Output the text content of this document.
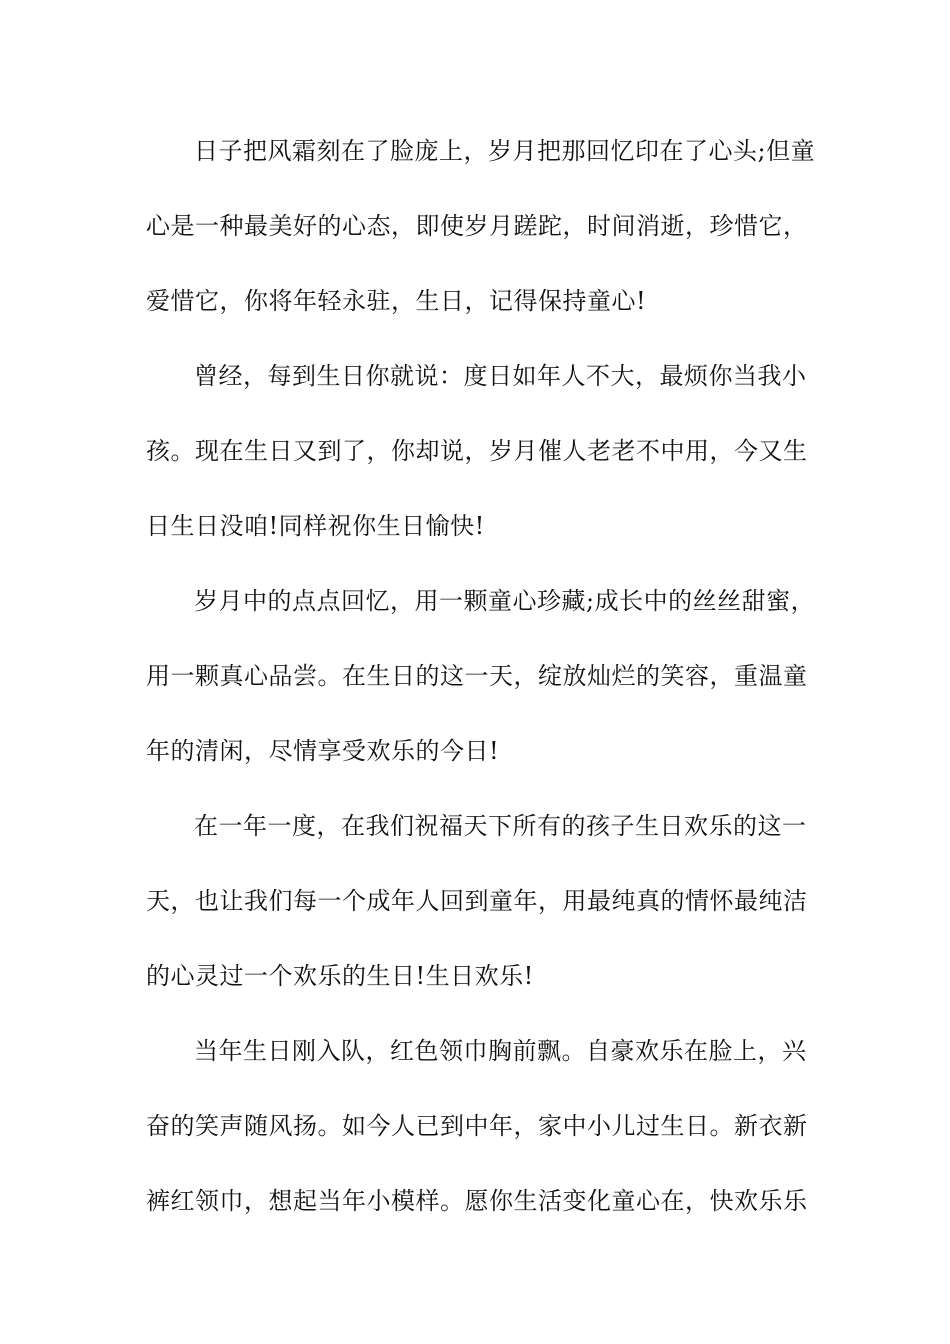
日子把风霜刻在了脸庞上，岁月把那回忆印在了心头;但童
心是一种最美好的心态，即使岁月蹉跎，时间消逝，珍惜它，
爱惜它，你将年轻永驻，生日，记得保持童心!
曾经，每到生日你就说：度日如年人不大，最烦你当我小
孩。现在生日又到了，你却说，岁月催人老老不中用，今又生
日生日没咱!同样祝你生日愉快!
岁月中的点点回忆，用一颗童心珍藏;成长中的丝丝甜蜜，
用一颗真心品尝。在生日的这一天，绽放灿烂的笑容，重温童
年的清闲，尽情享受欢乐的今日!
在一年一度，在我们祝福天下所有的孩子生日欢乐的这一
天，也让我们每一个成年人回到童年，用最纯真的情怀最纯洁
的心灵过一个欢乐的生日!生日欢乐!
当年生日刚入队，红色领巾胸前飘。自豪欢乐在脸上，兴
奋的笑声随风扬。如今人已到中年，家中小儿过生日。新衣新
裤红领巾，想起当年小模样。愿你生活变化童心在，快欢乐乐
